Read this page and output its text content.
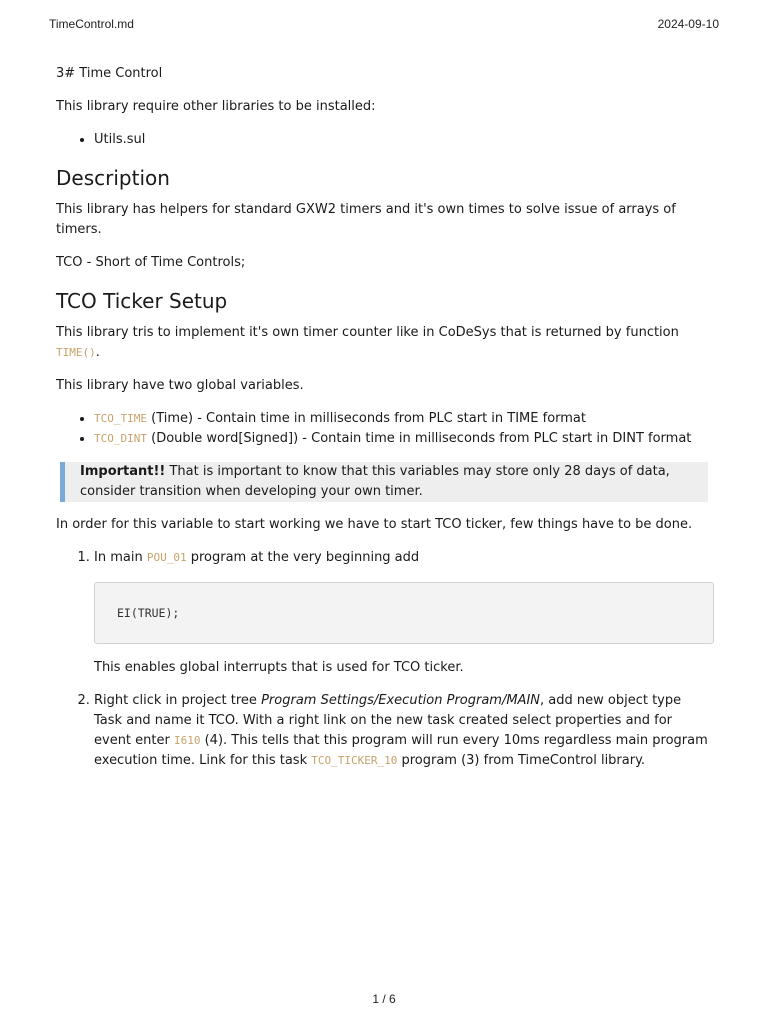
TimeControl.md	2024-09-10

3# Time Control

This library require other libraries to be installed:

• Utils.sul
Description

This library has helpers for standard GXW2 timers and it's own times to solve issue of arrays of timers.

TCO - Short of Time Controls;

TCO Ticker Setup

This library tris to implement it's own timer counter like in CoDeSys that is returned by function TIME().

This library have two global variables.

• TCO_TIME (Time) - Contain time in milliseconds from PLC start in TIME format
• TCO_DINT (Double word[Signed]) - Contain time in milliseconds from PLC start in DINT format
Important!! That is important to know that this variables may store only 28 days of data, consider transition when developing your own timer.

In order for this variable to start working we have to start TCO ticker, few things have to be done.

1. In main POU_01 program at the very beginning add

EI(TRUE);

This enables global interrupts that is used for TCO ticker.

2. Right click in project tree Program Settings/Execution Program/MAIN, add new object type Task and name it TCO. With a right link on the new task created select properties and for event enter I610 (4). This tells that this program will run every 10ms regardless main program execution time. Link for this task TCO_TICKER_10 program (3) from TimeControl library.

1 / 6
